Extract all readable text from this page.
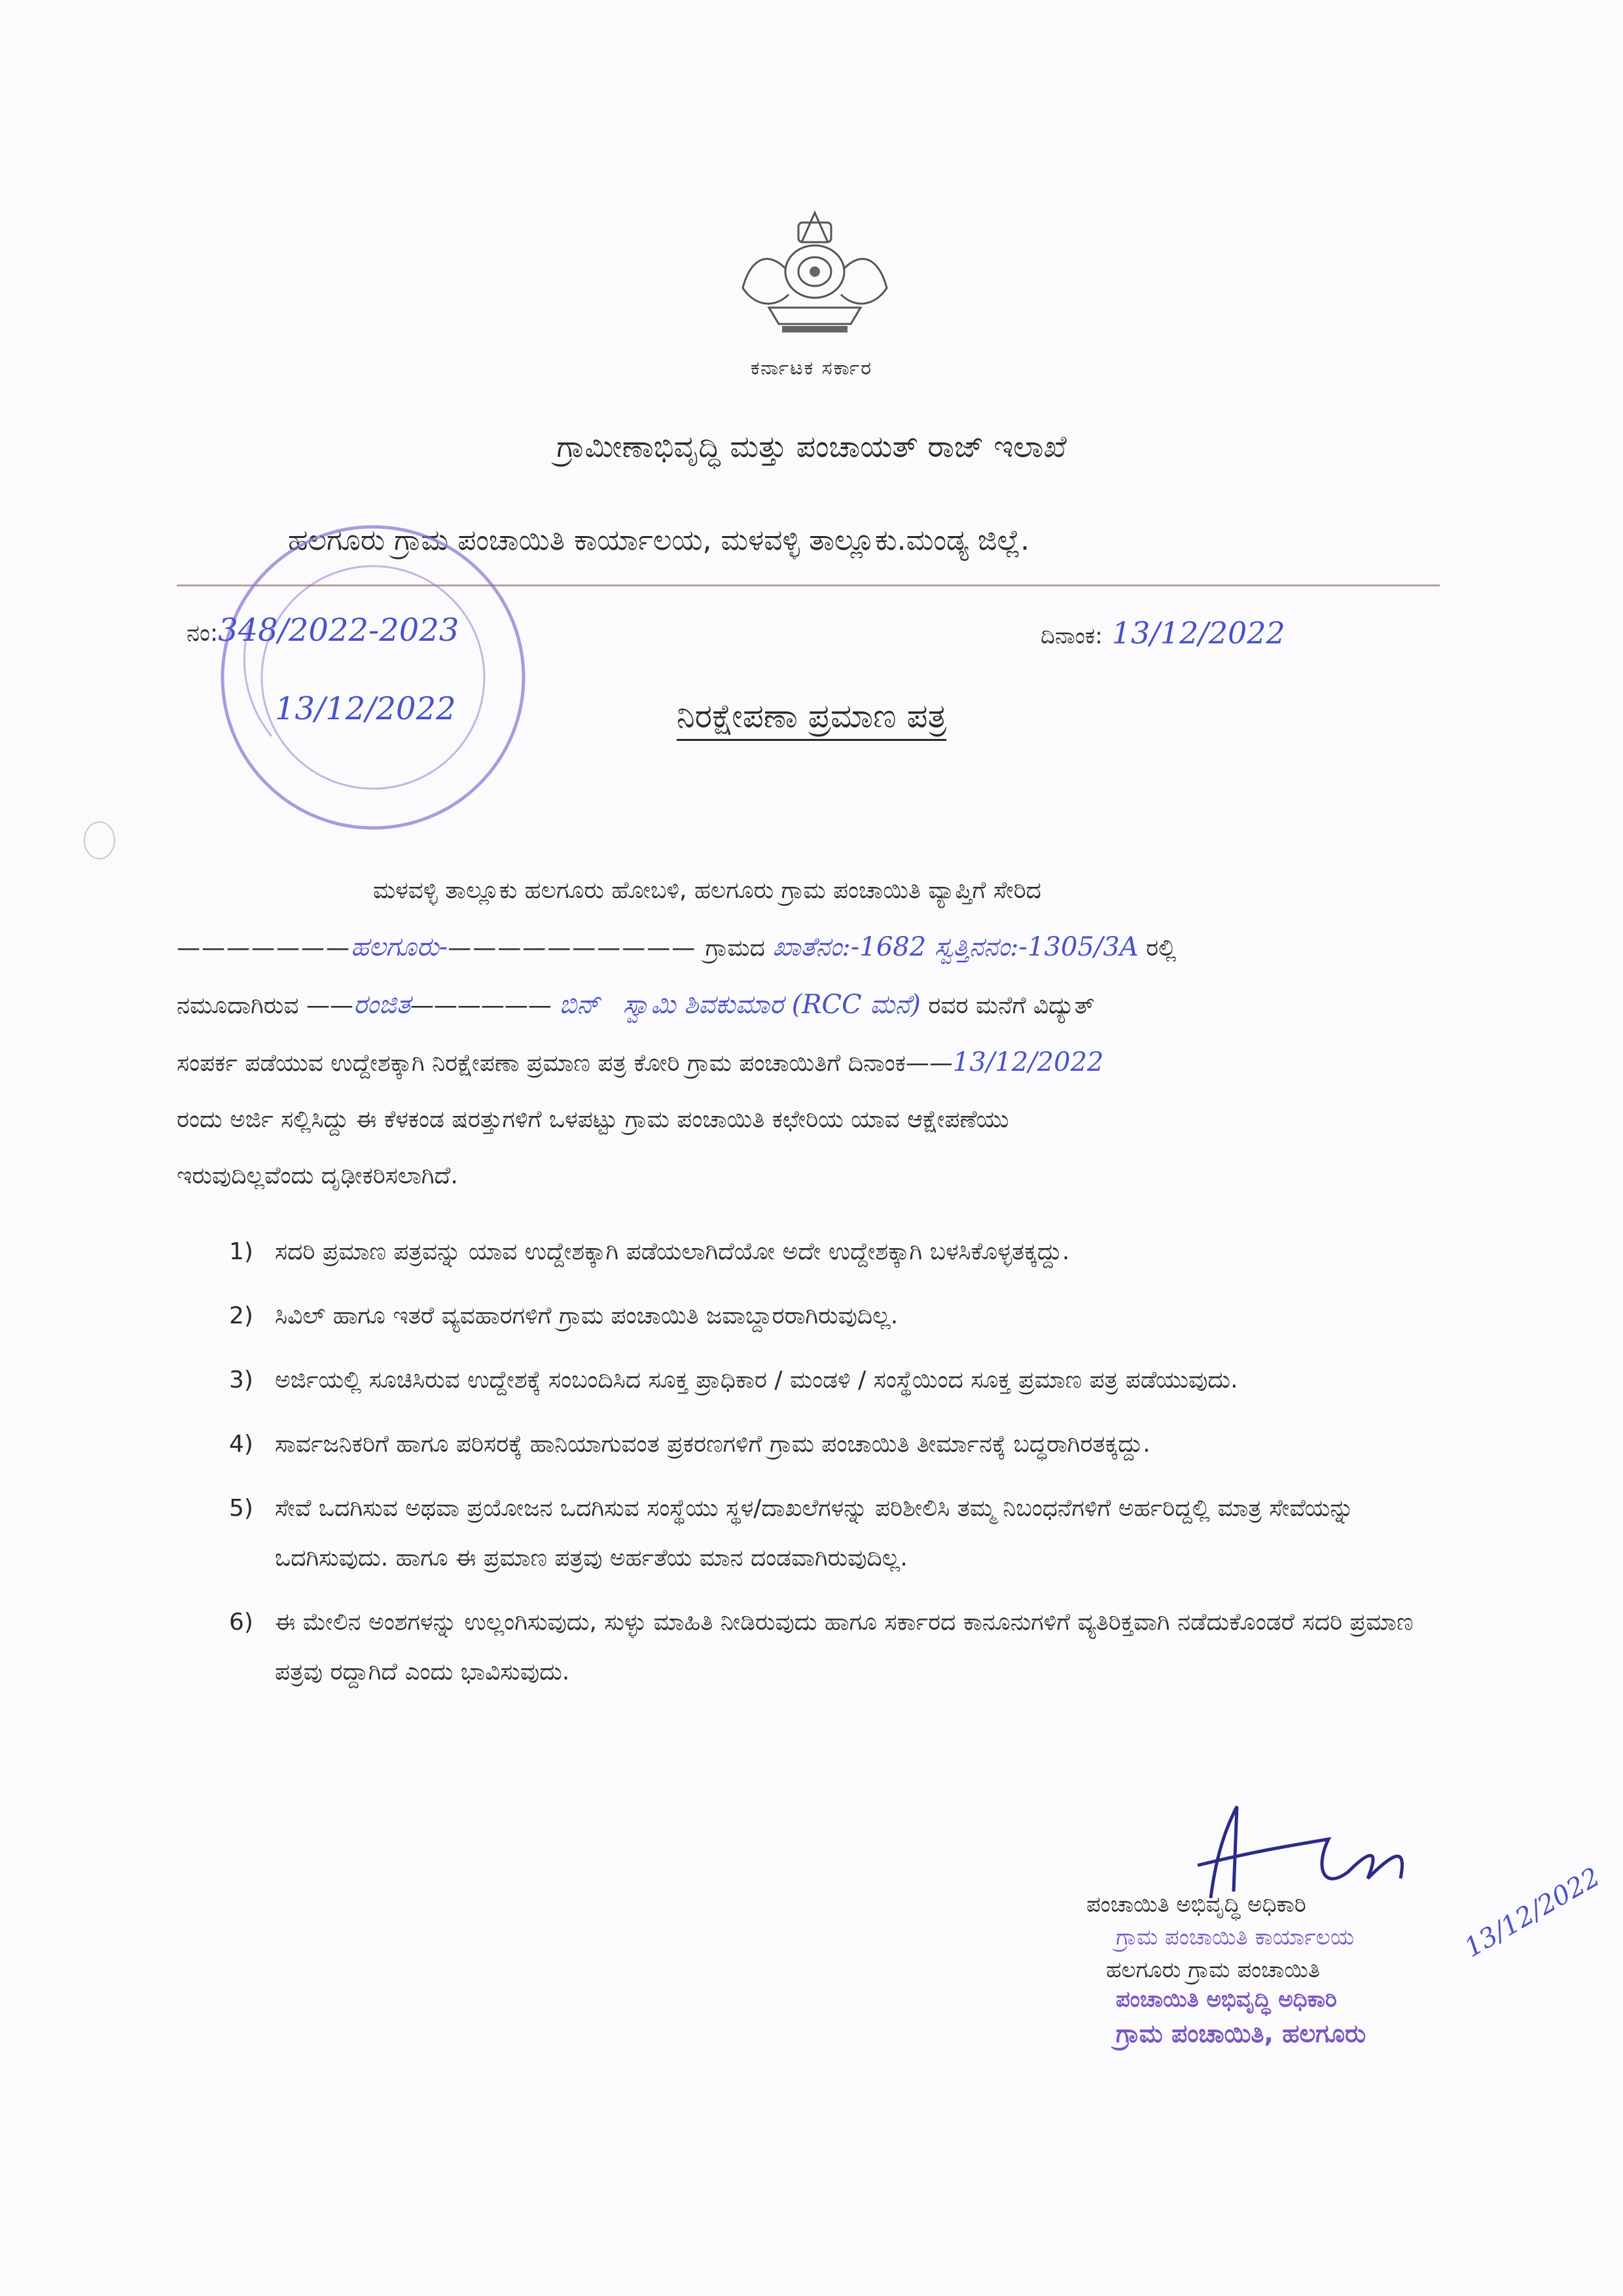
ಕರ್ನಾಟಕ ಸರ್ಕಾರ
ಗ್ರಾಮೀಣಾಭಿವೃದ್ಧಿ ಮತ್ತು ಪಂಚಾಯತ್ ರಾಜ್ ಇಲಾಖೆ
ಹಲಗೂರು ಗ್ರಾಮ ಪಂಚಾಯಿತಿ ಕಾರ್ಯಾಲಯ, ಮಳವಳ್ಳಿ ತಾಲ್ಲೂಕು.ಮಂಡ್ಯ ಜಿಲ್ಲೆ.
ನಂ:348/2022-2023
13/12/2022
ದಿನಾಂಕ: 13/12/2022
ನಿರಕ್ಷೇಪಣಾ ಪ್ರಮಾಣ ಪತ್ರ
ಮಳವಳ್ಳಿ ತಾಲ್ಲೂಕು ಹಲಗೂರು ಹೋಬಳಿ, ಹಲಗೂರು ಗ್ರಾಮ ಪಂಚಾಯಿತಿ ವ್ಯಾಪ್ತಿಗೆ ಸೇರಿದ
———————ಹಲಗೂರು-—————————— ಗ್ರಾಮದ ಖಾತೆನಂ:-1682 ಸ್ವತ್ತಿನನಂ:-1305/3A ರಲ್ಲಿ
ನಮೂದಾಗಿರುವ ——ರಂಜಿತ—————— ಬಿನ್ ಸ್ವಾಮಿ ಶಿವಕುಮಾರ (RCC ಮನೆ) ರವರ ಮನೆಗೆ ವಿದ್ಯುತ್
ಸಂಪರ್ಕ ಪಡೆಯುವ ಉದ್ದೇಶಕ್ಕಾಗಿ ನಿರಕ್ಷೇಪಣಾ ಪ್ರಮಾಣ ಪತ್ರ ಕೋರಿ ಗ್ರಾಮ ಪಂಚಾಯಿತಿಗೆ ದಿನಾಂಕ——13/12/2022
ರಂದು ಅರ್ಜಿ ಸಲ್ಲಿಸಿದ್ದು ಈ ಕೆಳಕಂಡ ಷರತ್ತುಗಳಿಗೆ ಒಳಪಟ್ಟು ಗ್ರಾಮ ಪಂಚಾಯಿತಿ ಕಛೇರಿಯ ಯಾವ ಆಕ್ಷೇಪಣೆಯು
ಇರುವುದಿಲ್ಲವೆಂದು ದೃಢೀಕರಿಸಲಾಗಿದೆ.
1) ಸದರಿ ಪ್ರಮಾಣ ಪತ್ರವನ್ನು ಯಾವ ಉದ್ದೇಶಕ್ಕಾಗಿ ಪಡೆಯಲಾಗಿದೆಯೋ ಅದೇ ಉದ್ದೇಶಕ್ಕಾಗಿ ಬಳಸಿಕೊಳ್ಳತಕ್ಕದ್ದು.
2) ಸಿವಿಲ್ ಹಾಗೂ ಇತರೆ ವ್ಯವಹಾರಗಳಿಗೆ ಗ್ರಾಮ ಪಂಚಾಯಿತಿ ಜವಾಬ್ದಾರರಾಗಿರುವುದಿಲ್ಲ.
3) ಅರ್ಜಿಯಲ್ಲಿ ಸೂಚಿಸಿರುವ ಉದ್ದೇಶಕ್ಕೆ ಸಂಬಂದಿಸಿದ ಸೂಕ್ತ ಪ್ರಾಧಿಕಾರ / ಮಂಡಳಿ / ಸಂಸ್ಥೆಯಿಂದ ಸೂಕ್ತ ಪ್ರಮಾಣ ಪತ್ರ ಪಡೆಯುವುದು.
4) ಸಾರ್ವಜನಿಕರಿಗೆ ಹಾಗೂ ಪರಿಸರಕ್ಕೆ ಹಾನಿಯಾಗುವಂತ ಪ್ರಕರಣಗಳಿಗೆ ಗ್ರಾಮ ಪಂಚಾಯಿತಿ ತೀರ್ಮಾನಕ್ಕೆ ಬದ್ಧರಾಗಿರತಕ್ಕದ್ದು.
5) ಸೇವೆ ಒದಗಿಸುವ ಅಥವಾ ಪ್ರಯೋಜನ ಒದಗಿಸುವ ಸಂಸ್ಥೆಯು ಸ್ಥಳ/ದಾಖಲೆಗಳನ್ನು ಪರಿಶೀಲಿಸಿ ತಮ್ಮ ನಿಬಂಧನೆಗಳಿಗೆ ಅರ್ಹರಿದ್ದಲ್ಲಿ ಮಾತ್ರ ಸೇವೆಯನ್ನು ಒದಗಿಸುವುದು. ಹಾಗೂ ಈ ಪ್ರಮಾಣ ಪತ್ರವು ಅರ್ಹತೆಯ ಮಾನ ದಂಡವಾಗಿರುವುದಿಲ್ಲ.
6) ಈ ಮೇಲಿನ ಅಂಶಗಳನ್ನು ಉಲ್ಲಂಗಿಸುವುದು, ಸುಳ್ಳು ಮಾಹಿತಿ ನೀಡಿರುವುದು ಹಾಗೂ ಸರ್ಕಾರದ ಕಾನೂನುಗಳಿಗೆ ವ್ಯತಿರಿಕ್ತವಾಗಿ ನಡೆದುಕೊಂಡರೆ ಸದರಿ ಪ್ರಮಾಣ ಪತ್ರವು ರದ್ದಾಗಿದೆ ಎಂದು ಭಾವಿಸುವುದು.
ಪಂಚಾಯಿತಿ ಅಭಿವೃದ್ಧಿ ಅಧಿಕಾರಿ
ಗ್ರಾಮ ಪಂಚಾಯಿತಿ ಕಾರ್ಯಾಲಯ
ಹಲಗೂರು ಗ್ರಾಮ ಪಂಚಾಯಿತಿ
ಪಂಚಾಯಿತಿ ಅಭಿವೃದ್ಧಿ ಅಧಿಕಾರಿ
ಗ್ರಾಮ ಪಂಚಾಯಿತಿ, ಹಲಗೂರು
13/12/2022
